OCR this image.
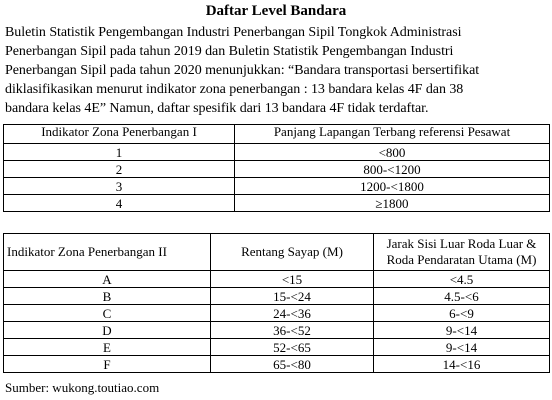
Daftar Level Bandara
Buletin Statistik Pengembangan Industri Penerbangan Sipil Tongkok Administrasi
Penerbangan Sipil pada tahun 2019 dan Buletin Statistik Pengembangan Industri
Penerbangan Sipil pada tahun 2020 menunjukkan: “Bandara transportasi bersertifikat
diklasifikasikan menurut indikator zona penerbangan : 13 bandara kelas 4F dan 38
bandara kelas 4E” Namun, daftar spesifik dari 13 bandara 4F tidak terdaftar.
Indikator Zona Penerbangan I	Panjang Lapangan Terbang referensi Pesawat
1	<800
2	800-<1200
3	1200-<1800
4	≥1800
Indikator Zona Penerbangan II	Rentang Sayap (M)	Jarak Sisi Luar Roda Luar & Roda Pendaratan Utama (M)
A	<15	<4.5
B	15-<24	4.5-<6
C	24-<36	6-<9
D	36-<52	9-<14
E	52-<65	9-<14
F	65-<80	14-<16
Sumber: wukong.toutiao.com
